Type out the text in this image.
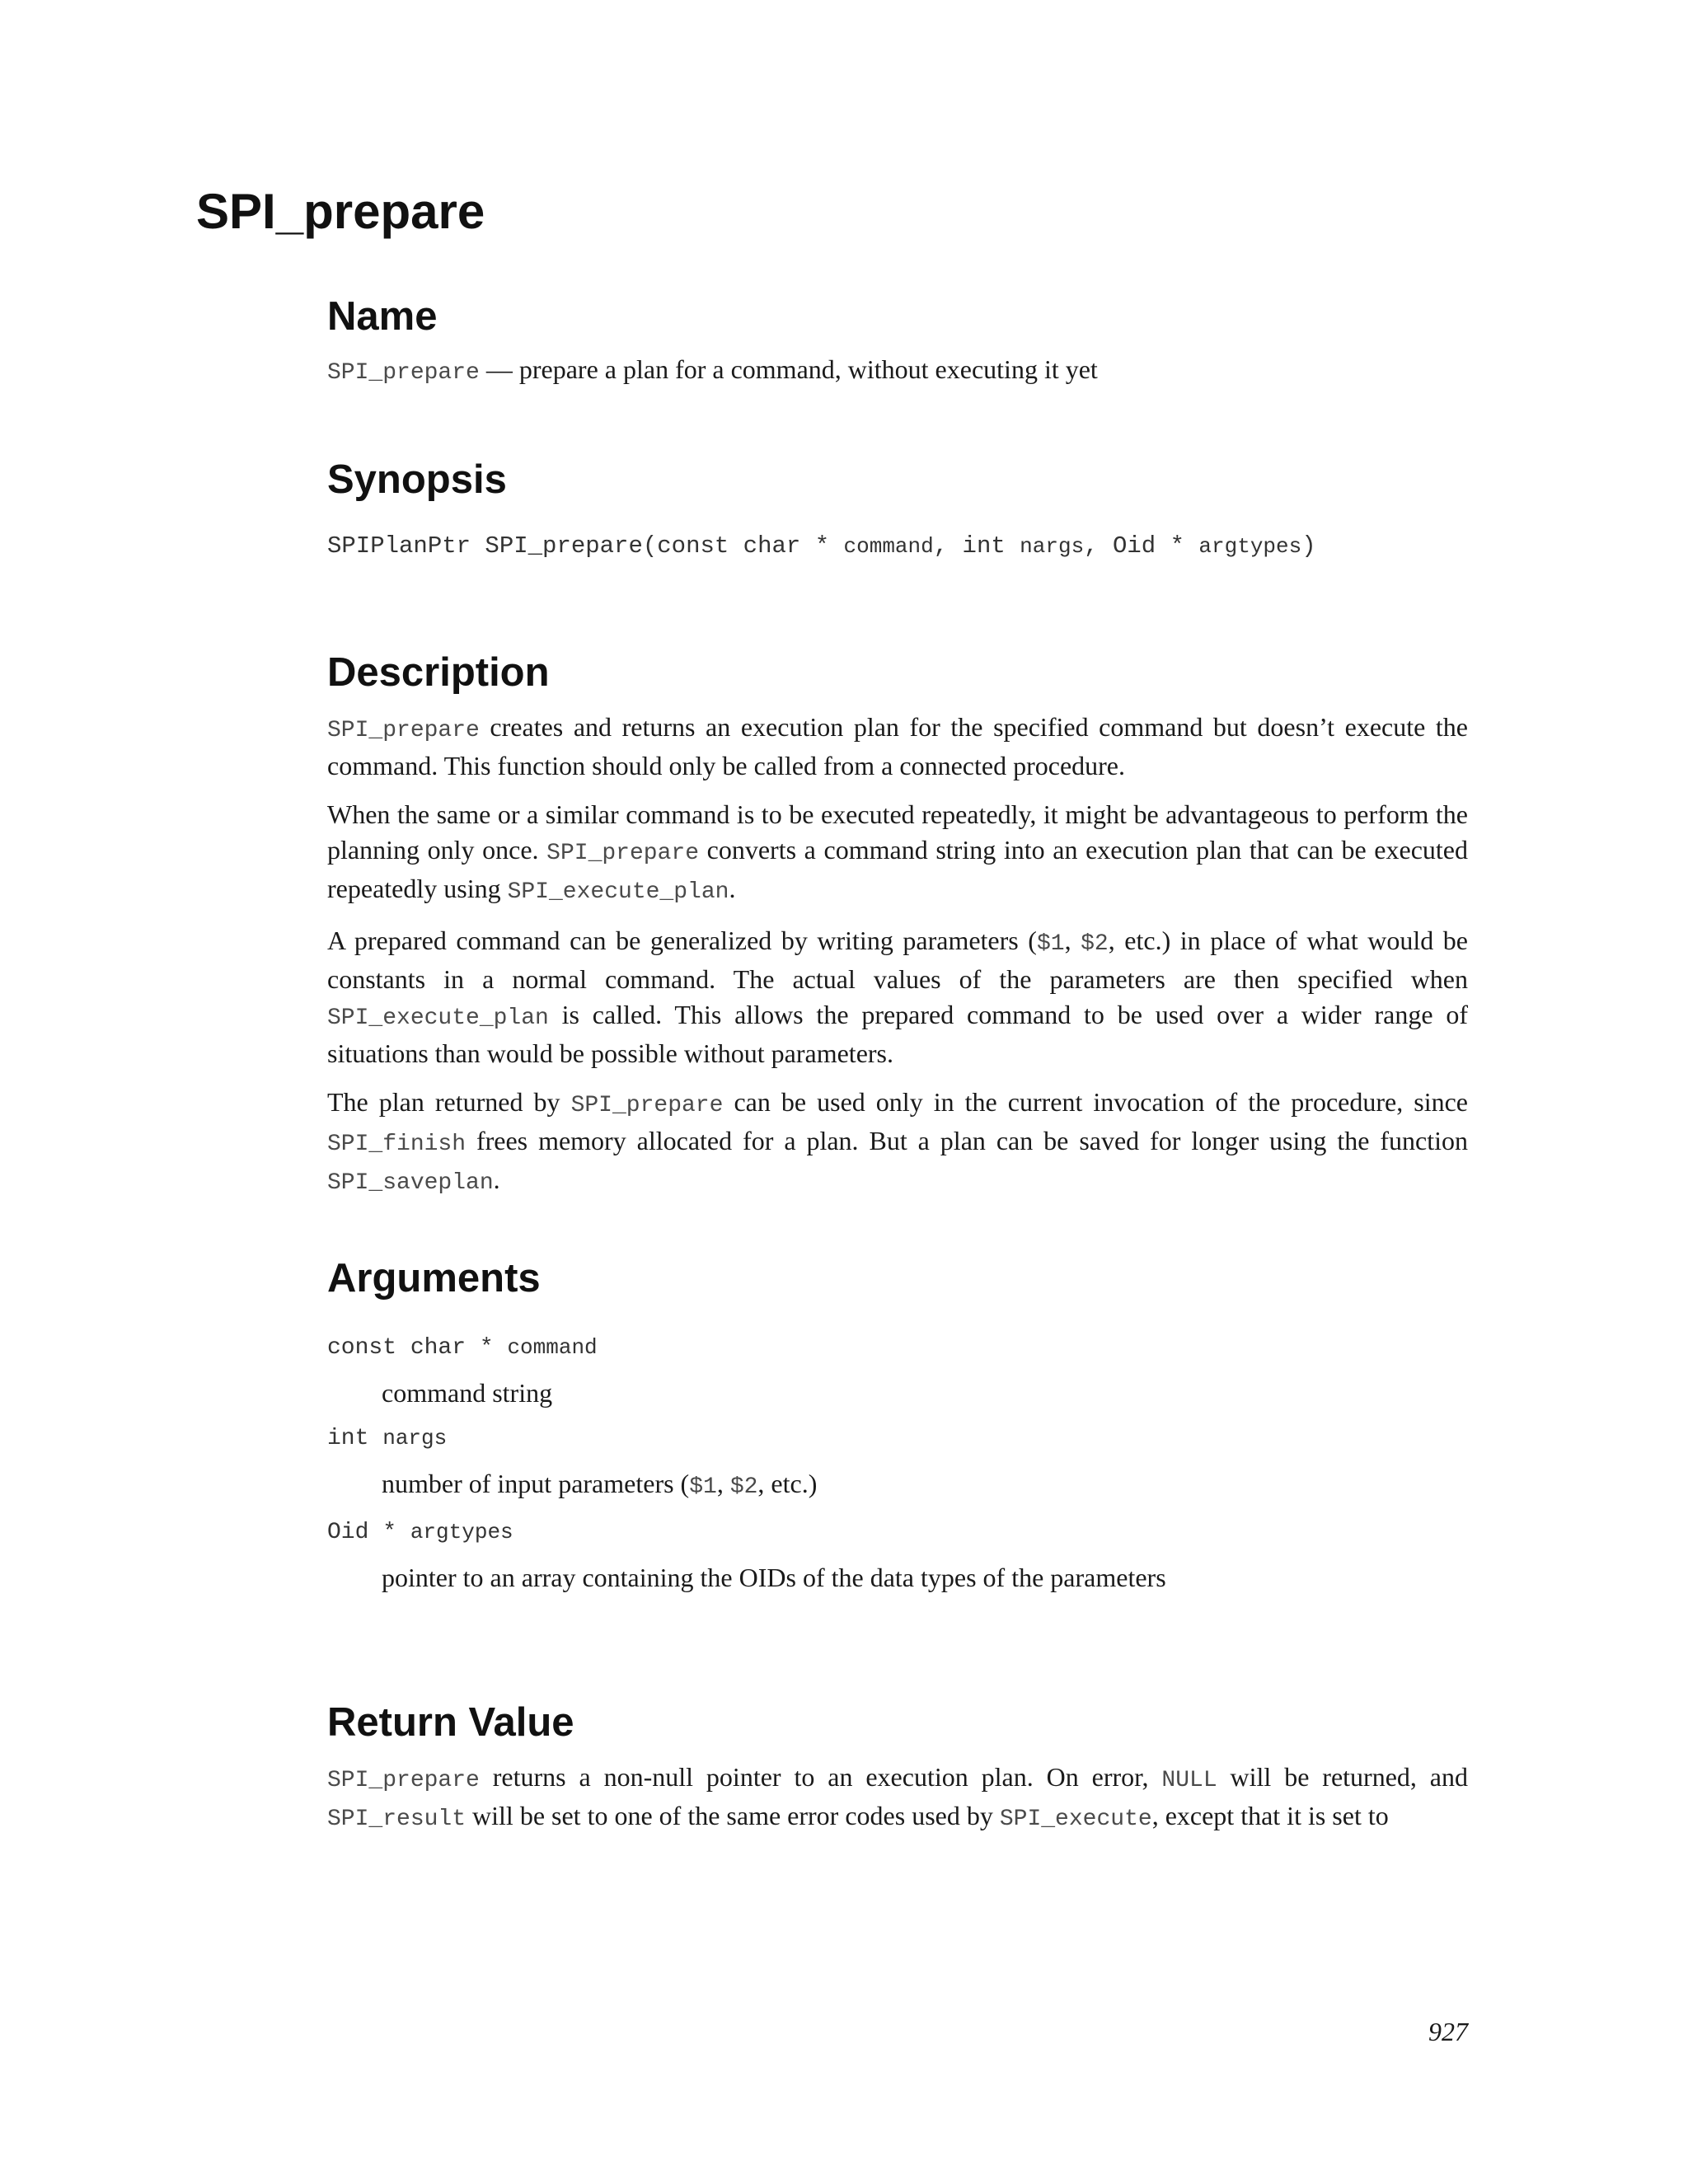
SPI_prepare
Name

SPI_prepare — prepare a plan for a command, without executing it yet

Synopsis

SPIPlanPtr SPI_prepare(const char * command, int nargs, Oid * argtypes)

Description

SPI_prepare creates and returns an execution plan for the specified command but doesn’t execute the command. This function should only be called from a connected procedure.

When the same or a similar command is to be executed repeatedly, it might be advantageous to perform the planning only once. SPI_prepare converts a command string into an execution plan that can be executed repeatedly using SPI_execute_plan.

A prepared command can be generalized by writing parameters ($1, $2, etc.) in place of what would be constants in a normal command. The actual values of the parameters are then specified when SPI_execute_plan is called. This allows the prepared command to be used over a wider range of situations than would be possible without parameters.

The plan returned by SPI_prepare can be used only in the current invocation of the procedure, since SPI_finish frees memory allocated for a plan. But a plan can be saved for longer using the function SPI_saveplan.

Arguments

const char * command

command string

int nargs

number of input parameters ($1, $2, etc.)

Oid * argtypes

pointer to an array containing the OIDs of the data types of the parameters

Return Value

SPI_prepare returns a non-null pointer to an execution plan. On error, NULL will be returned, and SPI_result will be set to one of the same error codes used by SPI_execute, except that it is set to

927
